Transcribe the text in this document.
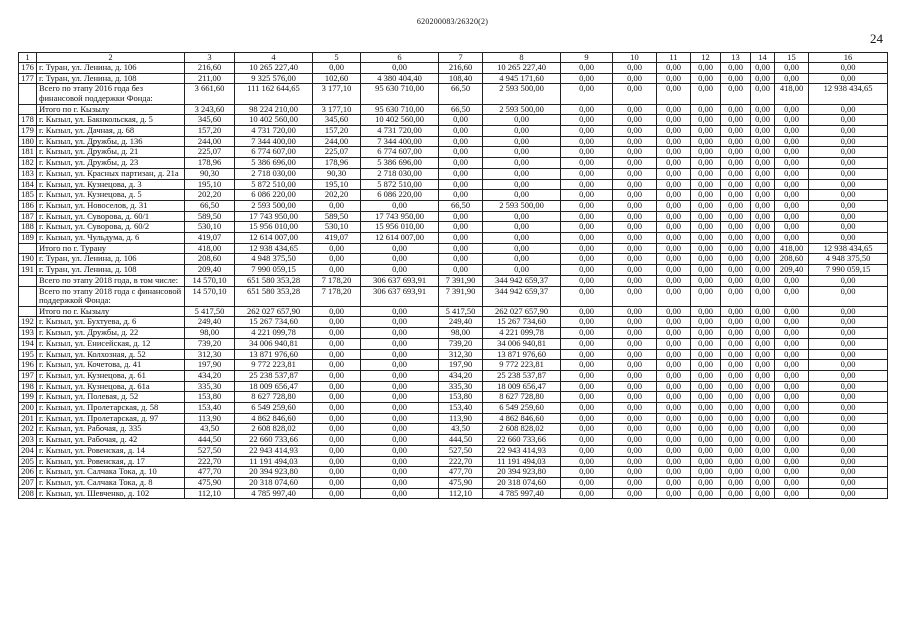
620200083/26320(2)
24
1	2	3	4	5	6	7	8	9	10	11	12	13	14	15	16
176	г. Туран, ул. Ленина, д. 106	216,60	10 265 227,40	0,00	0,00	216,60	10 265 227,40	0,00	0,00	0,00	0,00	0,00	0,00	0,00	0,00
177	г. Туран, ул. Ленина, д. 108	211,00	9 325 576,00	102,60	4 380 404,40	108,40	4 945 171,60	0,00	0,00	0,00	0,00	0,00	0,00	0,00	0,00
	Всего по этапу 2016 года без финансовой поддержки Фонда:	3 661,60	111 162 644,65	3 177,10	95 630 710,00	66,50	2 593 500,00	0,00	0,00	0,00	0,00	0,00	0,00	418,00	12 938 434,65
	Итого по г. Кызылу	3 243,60	98 224 210,00	3 177,10	95 630 710,00	66,50	2 593 500,00	0,00	0,00	0,00	0,00	0,00	0,00	0,00	0,00
178	г. Кызыл, ул. Бакнкольская, д. 5	345,60	10 402 560,00	345,60	10 402 560,00	0,00	0,00	0,00	0,00	0,00	0,00	0,00	0,00	0,00	0,00
179	г. Кызыл, ул. Дачная, д. 68	157,20	4 731 720,00	157,20	4 731 720,00	0,00	0,00	0,00	0,00	0,00	0,00	0,00	0,00	0,00	0,00
180	г. Кызыл, ул. Дружбы, д. 136	244,00	7 344 400,00	244,00	7 344 400,00	0,00	0,00	0,00	0,00	0,00	0,00	0,00	0,00	0,00	0,00
181	г. Кызыл, ул. Дружбы, д. 21	225,07	6 774 607,00	225,07	6 774 607,00	0,00	0,00	0,00	0,00	0,00	0,00	0,00	0,00	0,00	0,00
182	г. Кызыл, ул. Дружбы, д. 23	178,96	5 386 696,00	178,96	5 386 696,00	0,00	0,00	0,00	0,00	0,00	0,00	0,00	0,00	0,00	0,00
183	г. Кызыл, ул. Красных партизан, д. 21а	90,30	2 718 030,00	90,30	2 718 030,00	0,00	0,00	0,00	0,00	0,00	0,00	0,00	0,00	0,00	0,00
184	г. Кызыл, ул. Кузнецова, д. 3	195,10	5 872 510,00	195,10	5 872 510,00	0,00	0,00	0,00	0,00	0,00	0,00	0,00	0,00	0,00	0,00
185	г. Кызыл, ул. Кузнецова, д. 5	202,20	6 086 220,00	202,20	6 086 220,00	0,00	0,00	0,00	0,00	0,00	0,00	0,00	0,00	0,00	0,00
186	г. Кызыл, ул. Новоселов, д. 31	66,50	2 593 500,00	0,00	0,00	66,50	2 593 500,00	0,00	0,00	0,00	0,00	0,00	0,00	0,00	0,00
187	г. Кызыл, ул. Суворова, д. 60/1	589,50	17 743 950,00	589,50	17 743 950,00	0,00	0,00	0,00	0,00	0,00	0,00	0,00	0,00	0,00	0,00
188	г. Кызыл, ул. Суворова, д. 60/2	530,10	15 956 010,00	530,10	15 956 010,00	0,00	0,00	0,00	0,00	0,00	0,00	0,00	0,00	0,00	0,00
189	г. Кызыл, ул. Чульдума, д. 6	419,07	12 614 007,00	419,07	12 614 007,00	0,00	0,00	0,00	0,00	0,00	0,00	0,00	0,00	0,00	0,00
	Итого по г. Турану	418,00	12 938 434,65	0,00	0,00	0,00	0,00	0,00	0,00	0,00	0,00	0,00	0,00	418,00	12 938 434,65
190	г. Туран, ул. Ленина, д. 106	208,60	4 948 375,50	0,00	0,00	0,00	0,00	0,00	0,00	0,00	0,00	0,00	0,00	208,60	4 948 375,50
191	г. Туран, ул. Ленина, д. 108	209,40	7 990 059,15	0,00	0,00	0,00	0,00	0,00	0,00	0,00	0,00	0,00	0,00	209,40	7 990 059,15
	Всего по этапу 2018 года, в том числе:	14 570,10	651 580 353,28	7 178,20	306 637 693,91	7 391,90	344 942 659,37	0,00	0,00	0,00	0,00	0,00	0,00	0,00	0,00
	Всего по этапу 2018 года с финансовой поддержкой Фонда:	14 570,10	651 580 353,28	7 178,20	306 637 693,91	7 391,90	344 942 659,37	0,00	0,00	0,00	0,00	0,00	0,00	0,00	0,00
	Итого по г. Кызылу	5 417,50	262 027 657,90	0,00	0,00	5 417,50	262 027 657,90	0,00	0,00	0,00	0,00	0,00	0,00	0,00	0,00
192	г. Кызыл, ул. Бухтуева, д. 6	249,40	15 267 734,60	0,00	0,00	249,40	15 267 734,60	0,00	0,00	0,00	0,00	0,00	0,00	0,00	0,00
193	г. Кызыл, ул. Дружбы, д. 22	98,00	4 221 099,78	0,00	0,00	98,00	4 221 099,78	0,00	0,00	0,00	0,00	0,00	0,00	0,00	0,00
194	г. Кызыл, ул. Енисейская, д. 12	739,20	34 006 940,81	0,00	0,00	739,20	34 006 940,81	0,00	0,00	0,00	0,00	0,00	0,00	0,00	0,00
195	г. Кызыл, ул. Колхозная, д. 52	312,30	13 871 976,60	0,00	0,00	312,30	13 871 976,60	0,00	0,00	0,00	0,00	0,00	0,00	0,00	0,00
196	г. Кызыл, ул. Кочетова, д. 41	197,90	9 772 223,81	0,00	0,00	197,90	9 772 223,81	0,00	0,00	0,00	0,00	0,00	0,00	0,00	0,00
197	г. Кызыл, ул. Кузнецова, д. 61	434,20	25 238 537,87	0,00	0,00	434,20	25 238 537,87	0,00	0,00	0,00	0,00	0,00	0,00	0,00	0,00
198	г. Кызыл, ул. Кузнецова, д. 61а	335,30	18 009 656,47	0,00	0,00	335,30	18 009 656,47	0,00	0,00	0,00	0,00	0,00	0,00	0,00	0,00
199	г. Кызыл, ул. Полевая, д. 52	153,80	8 627 728,80	0,00	0,00	153,80	8 627 728,80	0,00	0,00	0,00	0,00	0,00	0,00	0,00	0,00
200	г. Кызыл, ул. Пролетарская, д. 58	153,40	6 549 259,60	0,00	0,00	153,40	6 549 259,60	0,00	0,00	0,00	0,00	0,00	0,00	0,00	0,00
201	г. Кызыл, ул. Пролетарская, д. 97	113,90	4 862 846,60	0,00	0,00	113,90	4 862 846,60	0,00	0,00	0,00	0,00	0,00	0,00	0,00	0,00
202	г. Кызыл, ул. Рабочая, д. 335	43,50	2 608 828,02	0,00	0,00	43,50	2 608 828,02	0,00	0,00	0,00	0,00	0,00	0,00	0,00	0,00
203	г. Кызыл, ул. Рабочая, д. 42	444,50	22 660 733,66	0,00	0,00	444,50	22 660 733,66	0,00	0,00	0,00	0,00	0,00	0,00	0,00	0,00
204	г. Кызыл, ул. Ровенская, д. 14	527,50	22 943 414,93	0,00	0,00	527,50	22 943 414,93	0,00	0,00	0,00	0,00	0,00	0,00	0,00	0,00
205	г. Кызыл, ул. Ровенская, д. 17	222,70	11 191 494,03	0,00	0,00	222,70	11 191 494,03	0,00	0,00	0,00	0,00	0,00	0,00	0,00	0,00
206	г. Кызыл, ул. Салчака Тока, д. 10	477,70	20 394 923,80	0,00	0,00	477,70	20 394 923,80	0,00	0,00	0,00	0,00	0,00	0,00	0,00	0,00
207	г. Кызыл, ул. Салчака Тока, д. 8	475,90	20 318 074,60	0,00	0,00	475,90	20 318 074,60	0,00	0,00	0,00	0,00	0,00	0,00	0,00	0,00
208	г. Кызыл, ул. Шевченко, д. 102	112,10	4 785 997,40	0,00	0,00	112,10	4 785 997,40	0,00	0,00	0,00	0,00	0,00	0,00	0,00	0,00
